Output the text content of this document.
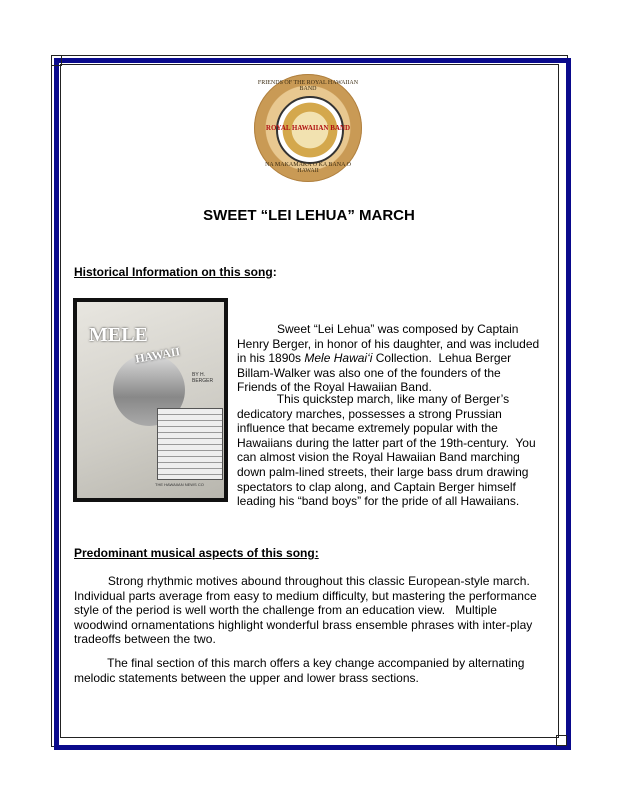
FRIENDS OF THE ROYAL HAWAIIAN BAND
ROYAL HAWAIIAN BAND
NA MAKAMAKA O KA BANA O HAWAII
SWEET “LEI LEHUA” MARCH
Historical Information on this song:
MELE
HAWAII
BY H. BERGER
THE HAWAIIAN NEWS CO
Sweet “Lei Lehua” was composed by Captain
Henry Berger, in honor of his daughter, and was included
in his 1890s Mele Hawai‘i Collection.  Lehua Berger
Billam-Walker was also one of the founders of the
Friends of the Royal Hawaiian Band.
This quickstep march, like many of Berger’s
dedicatory marches, possesses a strong Prussian
influence that became extremely popular with the
Hawaiians during the latter part of the 19th-century.  You
can almost vision the Royal Hawaiian Band marching
down palm-lined streets, their large bass drum drawing
spectators to clap along, and Captain Berger himself
leading his “band boys” for the pride of all Hawaiians.
Predominant musical aspects of this song:
Strong rhythmic motives abound throughout this classic European-style march.
Individual parts average from easy to medium difficulty, but mastering the performance
style of the period is well worth the challenge from an education view.   Multiple
woodwind ornamentations highlight wonderful brass ensemble phrases with inter-play
tradeoffs between the two.
The final section of this march offers a key change accompanied by alternating
melodic statements between the upper and lower brass sections.
